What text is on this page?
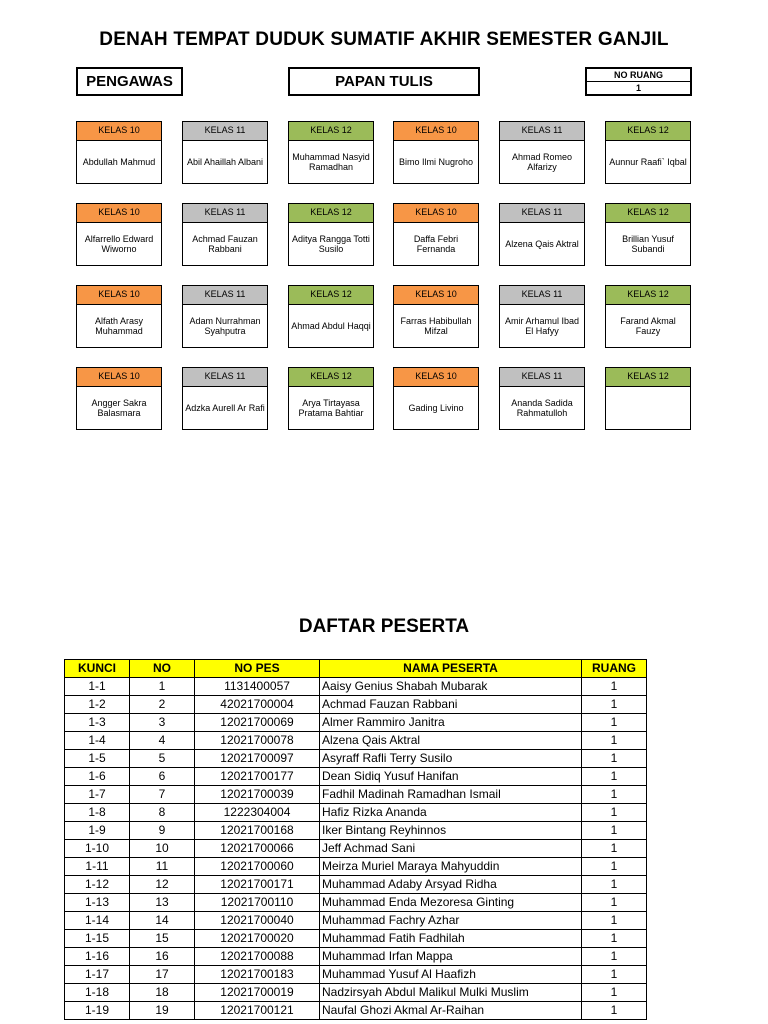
DENAH TEMPAT DUDUK SUMATIF AKHIR SEMESTER GANJIL
PENGAWAS	PAPAN TULIS	NO RUANG
1
KELAS 10
Abdullah Mahmud
KELAS 11
Abil Ahaillah Albani
KELAS 12
Muhammad Nasyid Ramadhan
KELAS 10
Bimo Ilmi Nugroho
KELAS 11
Ahmad Romeo Alfarizy
KELAS 12
Aunnur Raafi` Iqbal
KELAS 10
Alfarrello Edward Wiworno
KELAS 11
Achmad Fauzan Rabbani
KELAS 12
Aditya Rangga Totti Susilo
KELAS 10
Daffa Febri Fernanda
KELAS 11
Alzena Qais Aktral
KELAS 12
Brillian Yusuf Subandi
KELAS 10
Alfath Arasy Muhammad
KELAS 11
Adam Nurrahman Syahputra
KELAS 12
Ahmad Abdul Haqqi
KELAS 10
Farras Habibullah Mifzal
KELAS 11
Amir Arhamul Ibad El Hafyy
KELAS 12
Farand Akmal Fauzy
KELAS 10
Angger Sakra Balasmara
KELAS 11
Adzka Aurell Ar Rafi
KELAS 12
Arya Tirtayasa Pratama Bahtiar
KELAS 10
Gading Livino
KELAS 11
Ananda Sadida Rahmatulloh
KELAS 12
DAFTAR PESERTA
KUNCI	NO	NO PES	NAMA PESERTA	RUANG
1-1	1	1131400057	Aaisy Genius Shabah Mubarak	1
1-2	2	42021700004	Achmad Fauzan Rabbani	1
1-3	3	12021700069	Almer Rammiro Janitra	1
1-4	4	12021700078	Alzena Qais Aktral	1
1-5	5	12021700097	Asyraff Rafli Terry Susilo	1
1-6	6	12021700177	Dean Sidiq Yusuf Hanifan	1
1-7	7	12021700039	Fadhil Madinah Ramadhan Ismail	1
1-8	8	1222304004	Hafiz Rizka Ananda	1
1-9	9	12021700168	Iker Bintang Reyhinnos	1
1-10	10	12021700066	Jeff Achmad Sani	1
1-11	11	12021700060	Meirza Muriel Maraya Mahyuddin	1
1-12	12	12021700171	Muhammad Adaby Arsyad Ridha	1
1-13	13	12021700110	Muhammad Enda Mezoresa Ginting	1
1-14	14	12021700040	Muhammad Fachry Azhar	1
1-15	15	12021700020	Muhammad Fatih Fadhilah	1
1-16	16	12021700088	Muhammad Irfan Mappa	1
1-17	17	12021700183	Muhammad Yusuf Al Haafizh	1
1-18	18	12021700019	Nadzirsyah Abdul Malikul Mulki Muslim	1
1-19	19	12021700121	Naufal Ghozi Akmal Ar-Raihan	1
